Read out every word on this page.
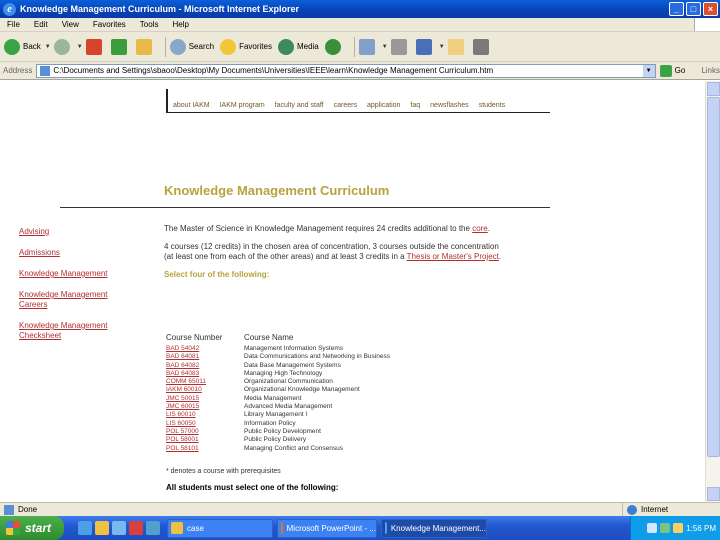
e Knowledge Management Curriculum - Microsoft Internet Explorer	_	□	×
File	Edit	View	Favorites	Tools	Help
Back ▼	▼	Search	Favorites	Media	▼	▼
Address	C:\Documents and Settings\sbaoo\Desktop\My Documents\Universities\IEEE\learn\Knowledge Management Curriculum.htm	▼	Go Links
about IAKM IAKM program faculty and staff careers application faq newsflashes students
Knowledge Management Curriculum
Advising
Admissions
Knowledge Management
Knowledge Management Careers
Knowledge Management Checksheet

The Master of Science in Knowledge Management requires 24 credits additional to the core.

4 courses (12 credits) in the chosen area of concentration, 3 courses outside the concentration (at least one from each of the other areas) and at least 3 credits in a Thesis or Master's Project.

Select four of the following:
Course Number	Course Name
BAD 54042	Management Information Systems
BAD 64081	Data Communications and Networking in Business
BAD 64082	Data Base Management Systems
BAD 64083	Managing High Technology
COMM 65011	Organizational Communication
IAKM 60010	Organizational Knowledge Management
JMC 50015	Media Management
JMC 60015	Advanced Media Management
LIS 60010	Library Management I
LIS 60050	Information Policy
POL 57000	Public Policy Development
POL 58001	Public Policy Delivery
POL 58101	Managing Conflict and Consensus
* denotes a course with prerequisites
All students must select one of the following:
Done	Internet
start	case	Microsoft PowerPoint - ... Knowledge Management...	1:56 PM
